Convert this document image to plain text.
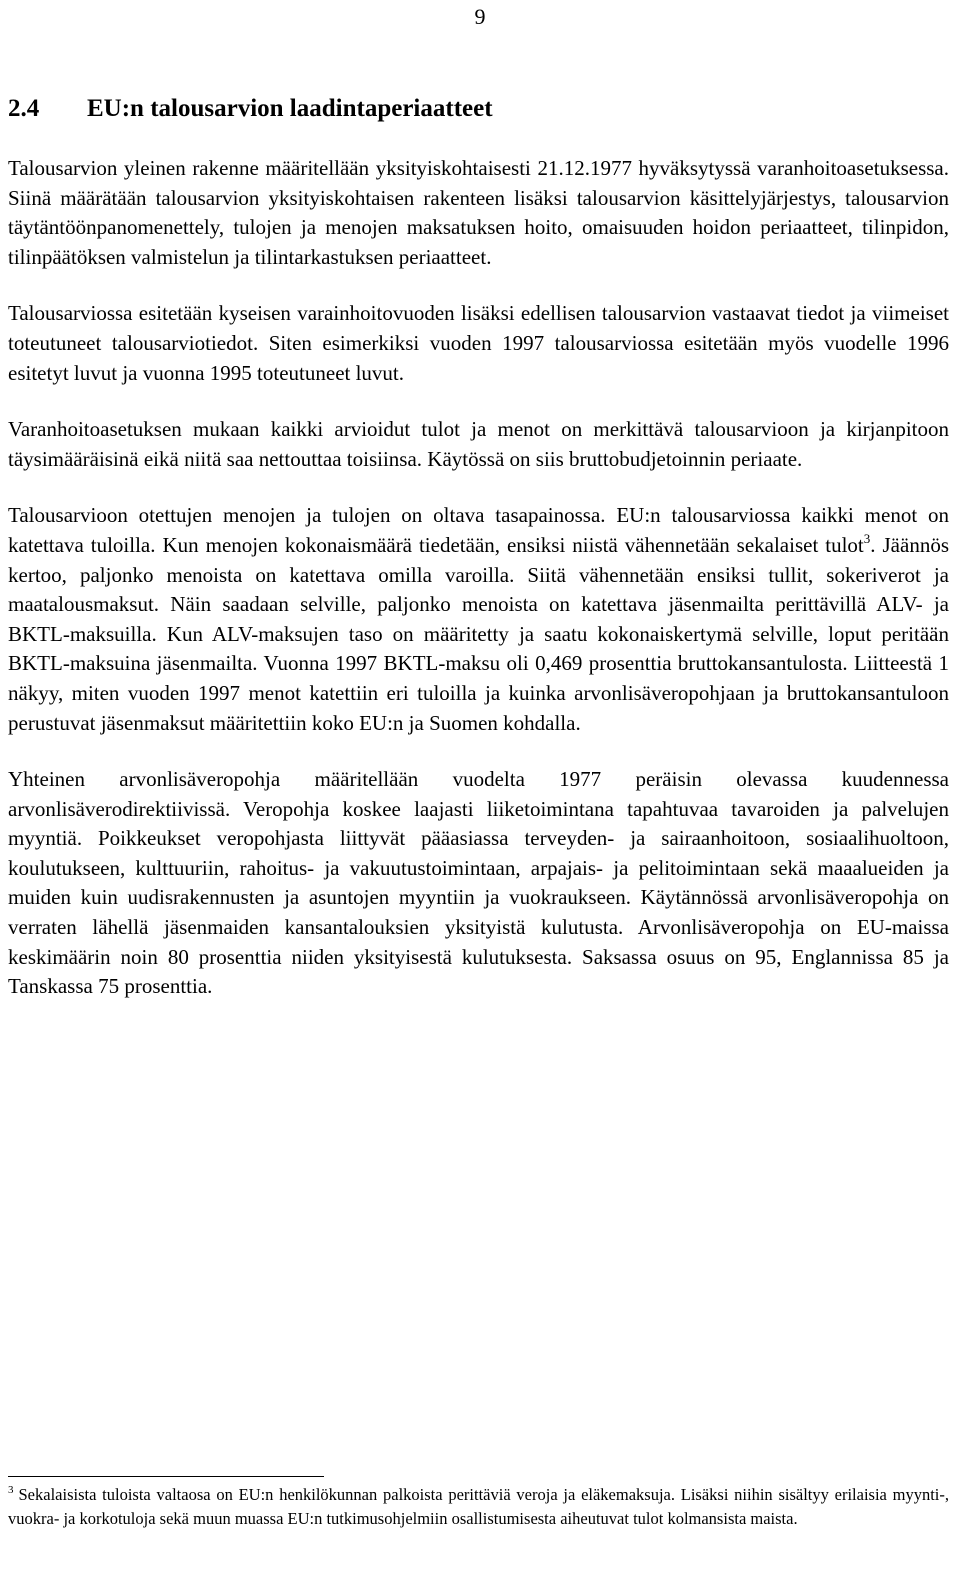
9
2.4 EU:n talousarvion laadintaperiaatteet

Talousarvion yleinen rakenne määritellään yksityiskohtaisesti 21.12.1977 hyväksytyssä varanhoitoasetuksessa. Siinä määrätään talousarvion yksityiskohtaisen rakenteen lisäksi talousarvion käsittelyjärjestys, talousarvion täytäntöönpanomenettely, tulojen ja menojen maksatuksen hoito, omaisuuden hoidon periaatteet, tilinpidon, tilinpäätöksen valmistelun ja tilintarkastuksen periaatteet.

Talousarviossa esitetään kyseisen varainhoitovuoden lisäksi edellisen talousarvion vastaavat tiedot ja viimeiset toteutuneet talousarviotiedot. Siten esimerkiksi vuoden 1997 talousarviossa esitetään myös vuodelle 1996 esitetyt luvut ja vuonna 1995 toteutuneet luvut.

Varanhoitoasetuksen mukaan kaikki arvioidut tulot ja menot on merkittävä talousarvioon ja kirjanpitoon täysimääräisinä eikä niitä saa nettouttaa toisiinsa. Käytössä on siis bruttobudjetoinnin periaate.

Talousarvioon otettujen menojen ja tulojen on oltava tasapainossa. EU:n talousarviossa kaikki menot on katettava tuloilla. Kun menojen kokonaismäärä tiedetään, ensiksi niistä vähennetään sekalaiset tulot$^3$. Jäännös kertoo, paljonko menoista on katettava omilla varoilla. Siitä vähennetään ensiksi tullit, sokeriverot ja maatalousmaksut. Näin saadaan selville, paljonko menoista on katettava jäsenmailta perittävillä ALV- ja BKTL-maksuilla. Kun ALV-maksujen taso on määritetty ja saatu kokonaiskertymä selville, loput peritään BKTL-maksuina jäsenmailta. Vuonna 1997 BKTL-maksu oli 0,469 prosenttia bruttokansantulosta. Liitteestä 1 näkyy, miten vuoden 1997 menot katettiin eri tuloilla ja kuinka arvonlisäveropohjaan ja bruttokansantuloon perustuvat jäsenmaksut määritettiin koko EU:n ja Suomen kohdalla.

Yhteinen arvonlisäveropohja määritellään vuodelta 1977 peräisin olevassa kuudennessa arvonlisäverodirektiivissä. Veropohja koskee laajasti liiketoimintana tapahtuvaa tavaroiden ja palvelujen myyntiä. Poikkeukset veropohjasta liittyvät pääasiassa terveyden- ja sairaanhoitoon, sosiaalihuoltoon, koulutukseen, kulttuuriin, rahoitus- ja vakuutustoimintaan, arpajais- ja pelitoimintaan sekä maaalueiden ja muiden kuin uudisrakennusten ja asuntojen myyntiin ja vuokraukseen. Käytännössä arvonlisäveropohja on verraten lähellä jäsenmaiden kansantalouksien yksityistä kulutusta. Arvonlisäveropohja on EU-maissa keskimäärin noin 80 prosenttia niiden yksityisestä kulutuksesta. Saksassa osuus on 95, Englannissa 85 ja Tanskassa 75 prosenttia.

$^3$ Sekalaisista tuloista valtaosa on EU:n henkilökunnan palkoista perittäviä veroja ja eläkemaksuja. Lisäksi niihin sisältyy erilaisia myynti-, vuokra- ja korkotuloja sekä muun muassa EU:n tutkimusohjelmiin osallistumisesta aiheutuvat tulot kolmansista maista.
